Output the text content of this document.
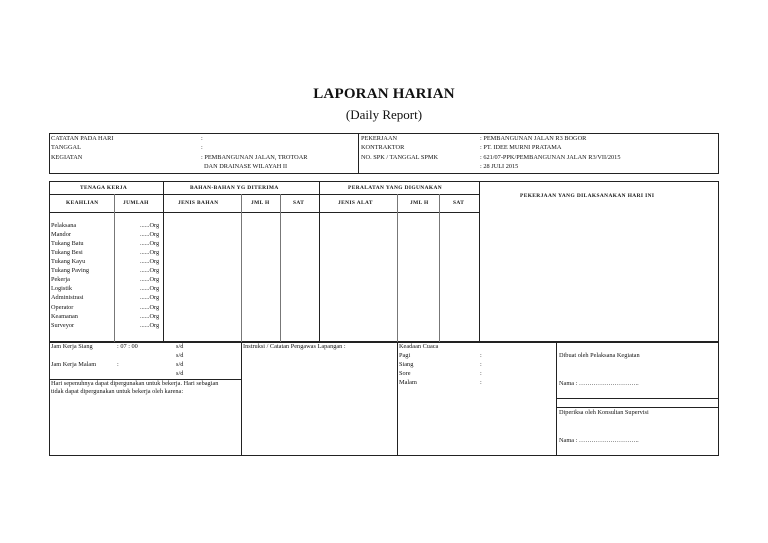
LAPORAN HARIAN
(Daily Report)
CATATAN PADA HARI	:
TANGGAL	:
KEGIATAN	: PEMBANGUNAN JALAN, TROTOAR
DAN DRAINASE WILAYAH II
PEKERJAAN	: PEMBANGUNAN JALAN R3 BOGOR
KONTRAKTOR	: PT. IDEE MURNI PRATAMA
NO. SPK / TANGGAL SPMK	: 621/07-PPK/PEMBANGUNAN JALAN R3/VII/2015
: 28 JULI 2015
TENAGA KERJA	BAHAN-BAHAN YG DITERIMA	PERALATAN YANG DIGUNAKAN
PEKERJAAN YANG DILAKSANAKAN HARI INI
KEAHLIAN	JUMLAH	JENIS BAHAN	JML H	SAT	JENIS ALAT	JML H	SAT
Pelaksana	......Org
Mandor	......Org
Tukang Batu	......Org
Tukang Besi	......Org
Tukang Kayu	......Org
Tukang Paving	......Org
Pekerja	......Org
Logistik	......Org
Administrasi	......Org
Operator	......Org
Keamanan	......Org
Surveyor	......Org
Jam Kerja Siang	: 07 : 00
Jam Kerja Malam	:
s/d
s/d
s/d
s/d
Hari sepenuhnya dapat dipergunakan untuk bekerja. Hari sebagian
tidak dapat dipergunakan untuk bekerja oleh karena:
Instruksi / Catatan Pengawas Lapangan :	Keadaan Cuaca
Pagi	:
Siang	:
Sore	:
Malam	:
Dibuat oleh Pelaksana Kegiatan
Nama : ………………………..
Diperiksa oleh Konsultan Supervisi
Nama : ………………………..
